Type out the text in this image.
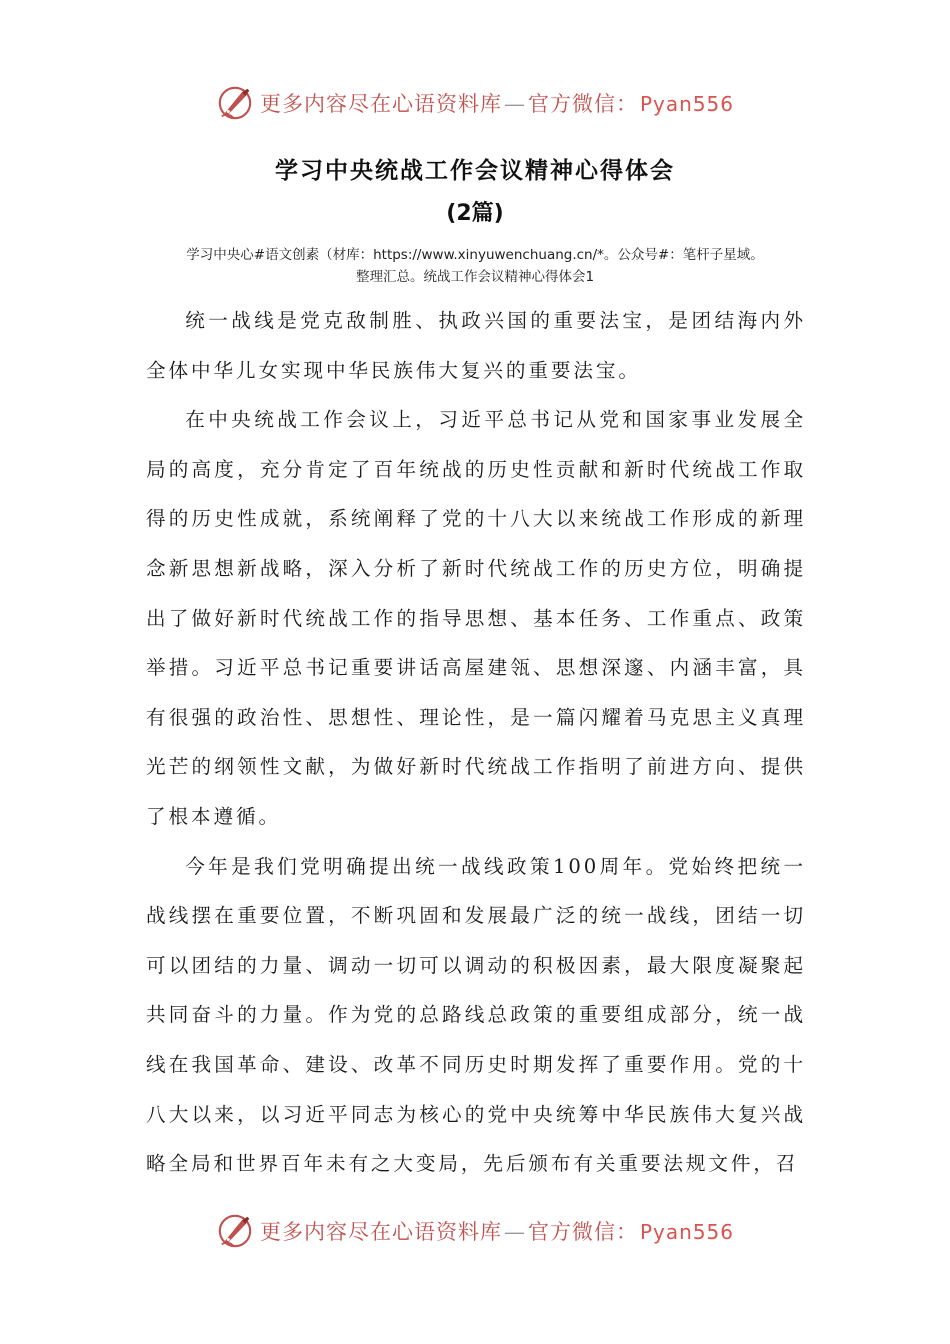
更多内容尽在心语资料库—官方微信： Pyan556
学习中央统战工作会议精神心得体会
(2篇)
学习中央心#语文创素（材库：https://www.xinyuwenchuang.cn/*。公众号#：笔杆子星域。
整理汇总。统战工作会议精神心得体会1

统一战线是党克敌制胜、执政兴国的重要法宝，是团结海内外全体中华儿女实现中华民族伟大复兴的重要法宝。

在中央统战工作会议上，习近平总书记从党和国家事业发展全局的高度，充分肯定了百年统战的历史性贡献和新时代统战工作取得的历史性成就，系统阐释了党的十八大以来统战工作形成的新理念新思想新战略，深入分析了新时代统战工作的历史方位，明确提出了做好新时代统战工作的指导思想、基本任务、工作重点、政策举措。习近平总书记重要讲话高屋建瓴、思想深邃、内涵丰富，具有很强的政治性、思想性、理论性，是一篇闪耀着马克思主义真理光芒的纲领性文献，为做好新时代统战工作指明了前进方向、提供了根本遵循。

今年是我们党明确提出统一战线政策100周年。党始终把统一战线摆在重要位置，不断巩固和发展最广泛的统一战线，团结一切可以团结的力量、调动一切可以调动的积极因素，最大限度凝聚起共同奋斗的力量。作为党的总路线总政策的重要组成部分，统一战线在我国革命、建设、改革不同历史时期发挥了重要作用。党的十八大以来，以习近平同志为核心的党中央统筹中华民族伟大复兴战略全局和世界百年未有之大变局，先后颁布有关重要法规文件，召

更多内容尽在心语资料库—官方微信： Pyan556
